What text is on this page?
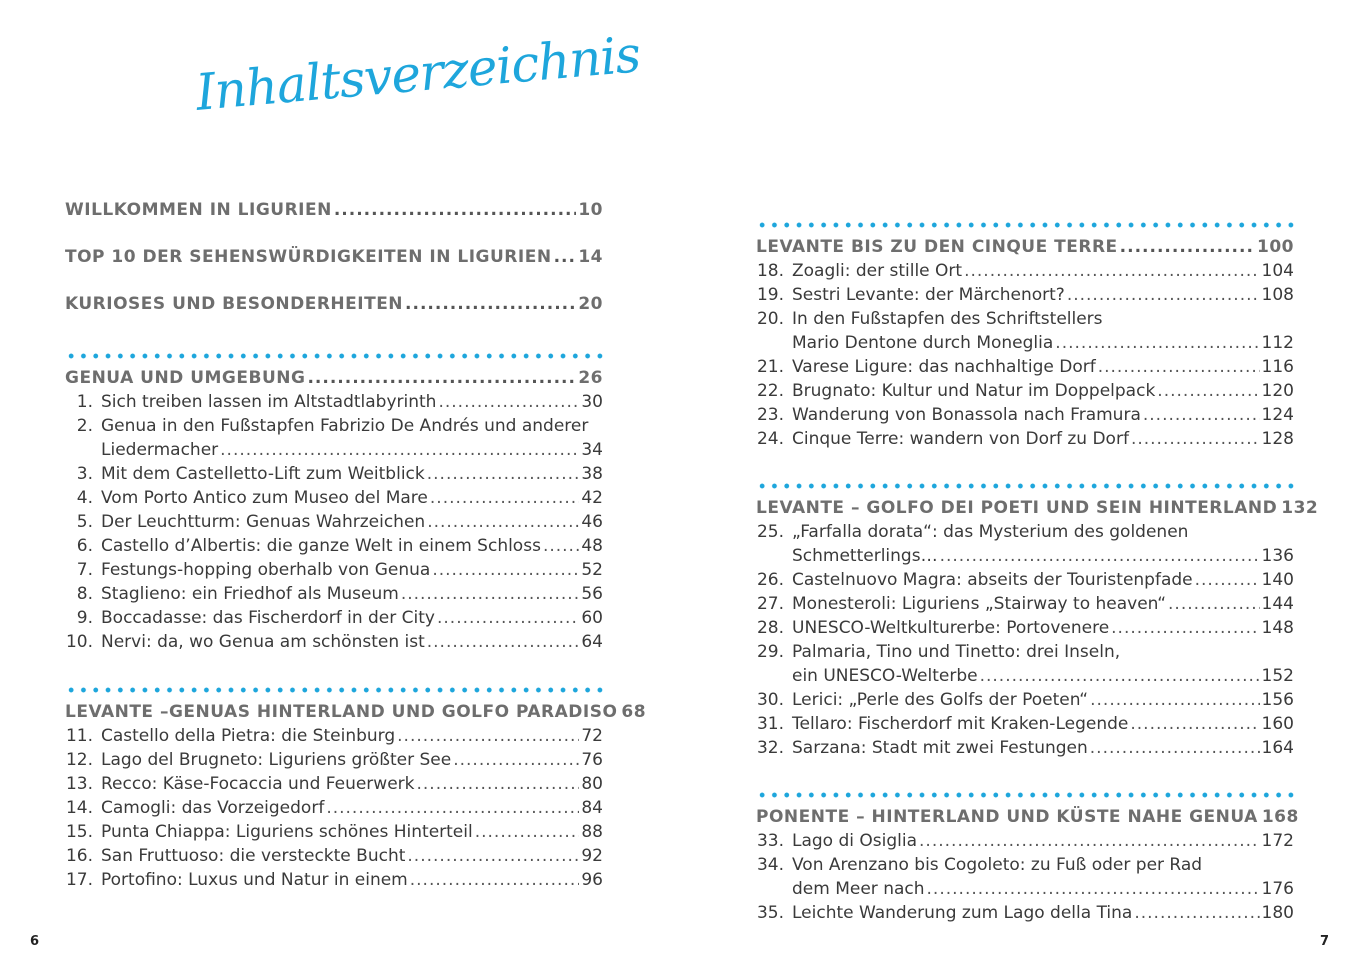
Inhaltsverzeichnis
WILLKOMMEN IN LIGURIEN .....	10
TOP 10 DER SEHENSWÜRDIGKEITEN IN LIGURIEN ..... 14
KURIOSES UND BESONDERHEITEN .....	20
GENUA UND UMGEBUNG .....	26
1. Sich treiben lassen im Altstadtlabyrinth .....	30
2. Genua in den Fußstapfen Fabrizio De Andrés und anderer
Liedermacher .....	34
3. Mit dem Castelletto-Lift zum Weitblick .....	38
4. Vom Porto Antico zum Museo del Mare .....	42
5. Der Leuchtturm: Genuas Wahrzeichen .....	46
6. Castello d’Albertis: die ganze Welt in einem Schloss ..... 48
7. Festungs-hopping oberhalb von Genua .....	52
8. Staglieno: ein Friedhof als Museum .....	56
9. Boccadasse: das Fischerdorf in der City .....	60
10. Nervi: da, wo Genua am schönsten ist .....	64
LEVANTE –GENUAS HINTERLAND UND GOLFO PARADISO 68
11. Castello della Pietra: die Steinburg .....	72
12. Lago del Brugneto: Liguriens größter See .....	76
13. Recco: Käse-Focaccia und Feuerwerk .....	80
14. Camogli: das Vorzeigedorf .....	84
15. Punta Chiappa: Liguriens schönes Hinterteil .....	88
16. San Fruttuoso: die versteckte Bucht .....	92
17. Portofino: Luxus und Natur in einem .....	96
LEVANTE BIS ZU DEN CINQUE TERRE .....	100
18. Zoagli: der stille Ort .....	104
19. Sestri Levante: der Märchenort? .....	108
20. In den Fußstapfen des Schriftstellers
Mario Dentone durch Moneglia .....	112
21. Varese Ligure: das nachhaltige Dorf .....	116
22. Brugnato: Kultur und Natur im Doppelpack .....	120
23. Wanderung von Bonassola nach Framura .....	124
24. Cinque Terre: wandern von Dorf zu Dorf .....	128
LEVANTE – GOLFO DEI POETI UND SEIN HINTERLAND 132
25. „Farfalla dorata“: das Mysterium des goldenen
Schmetterlings… .....	136
26. Castelnuovo Magra: abseits der Touristenpfade .....	140
27. Monesteroli: Liguriens „Stairway to heaven“ .....	144
28. UNESCO-Weltkulturerbe: Portovenere .....	148
29. Palmaria, Tino und Tinetto: drei Inseln,
ein UNESCO-Welterbe .....	152
30. Lerici: „Perle des Golfs der Poeten“ .....	156
31. Tellaro: Fischerdorf mit Kraken-Legende .....	160
32. Sarzana: Stadt mit zwei Festungen .....	164
PONENTE – HINTERLAND UND KÜSTE NAHE GENUA 168
33. Lago di Osiglia .....	172
34. Von Arenzano bis Cogoleto: zu Fuß oder per Rad
dem Meer nach .....	176
35. Leichte Wanderung zum Lago della Tina .....	180
6	7
